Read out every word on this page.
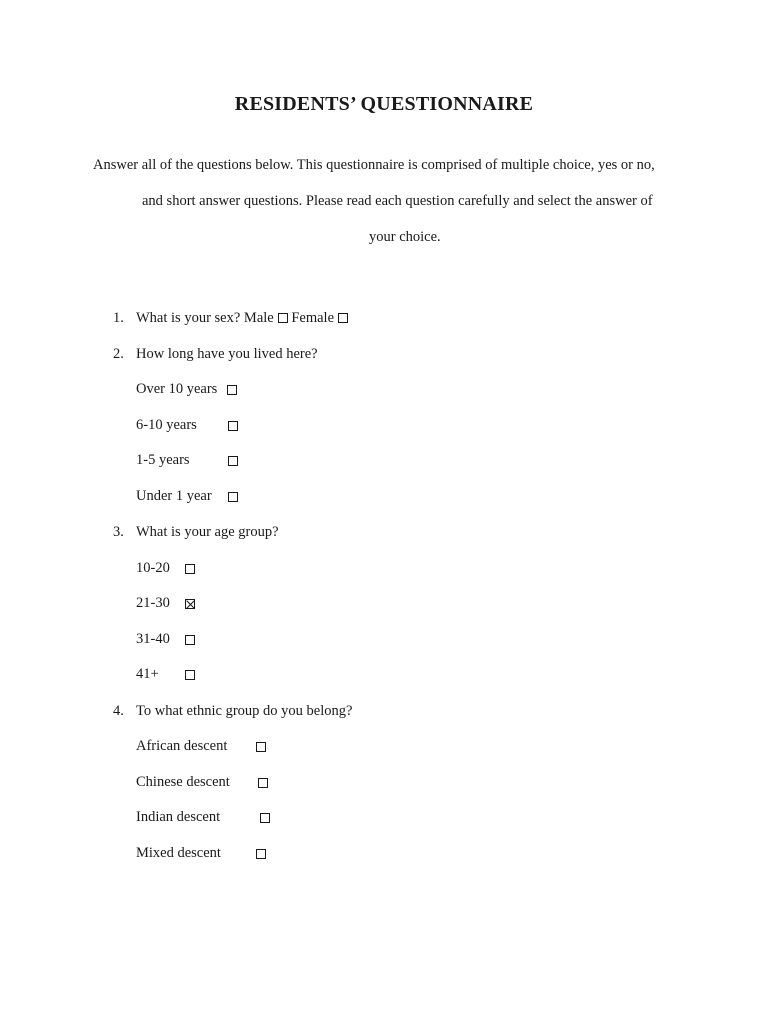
RESIDENTS’ QUESTIONNAIRE
Answer all of the questions below. This questionnaire is comprised of multiple choice, yes or no,
and short answer questions. Please read each question carefully and select the answer of
your choice.
1. What is your sex? Male Female
2. How long have you lived here?
Over 10 years
6-10 years
1-5 years
Under 1 year
3. What is your age group?
10-20
21-30
31-40
41+
4. To what ethnic group do you belong?
African descent
Chinese descent
Indian descent
Mixed descent
